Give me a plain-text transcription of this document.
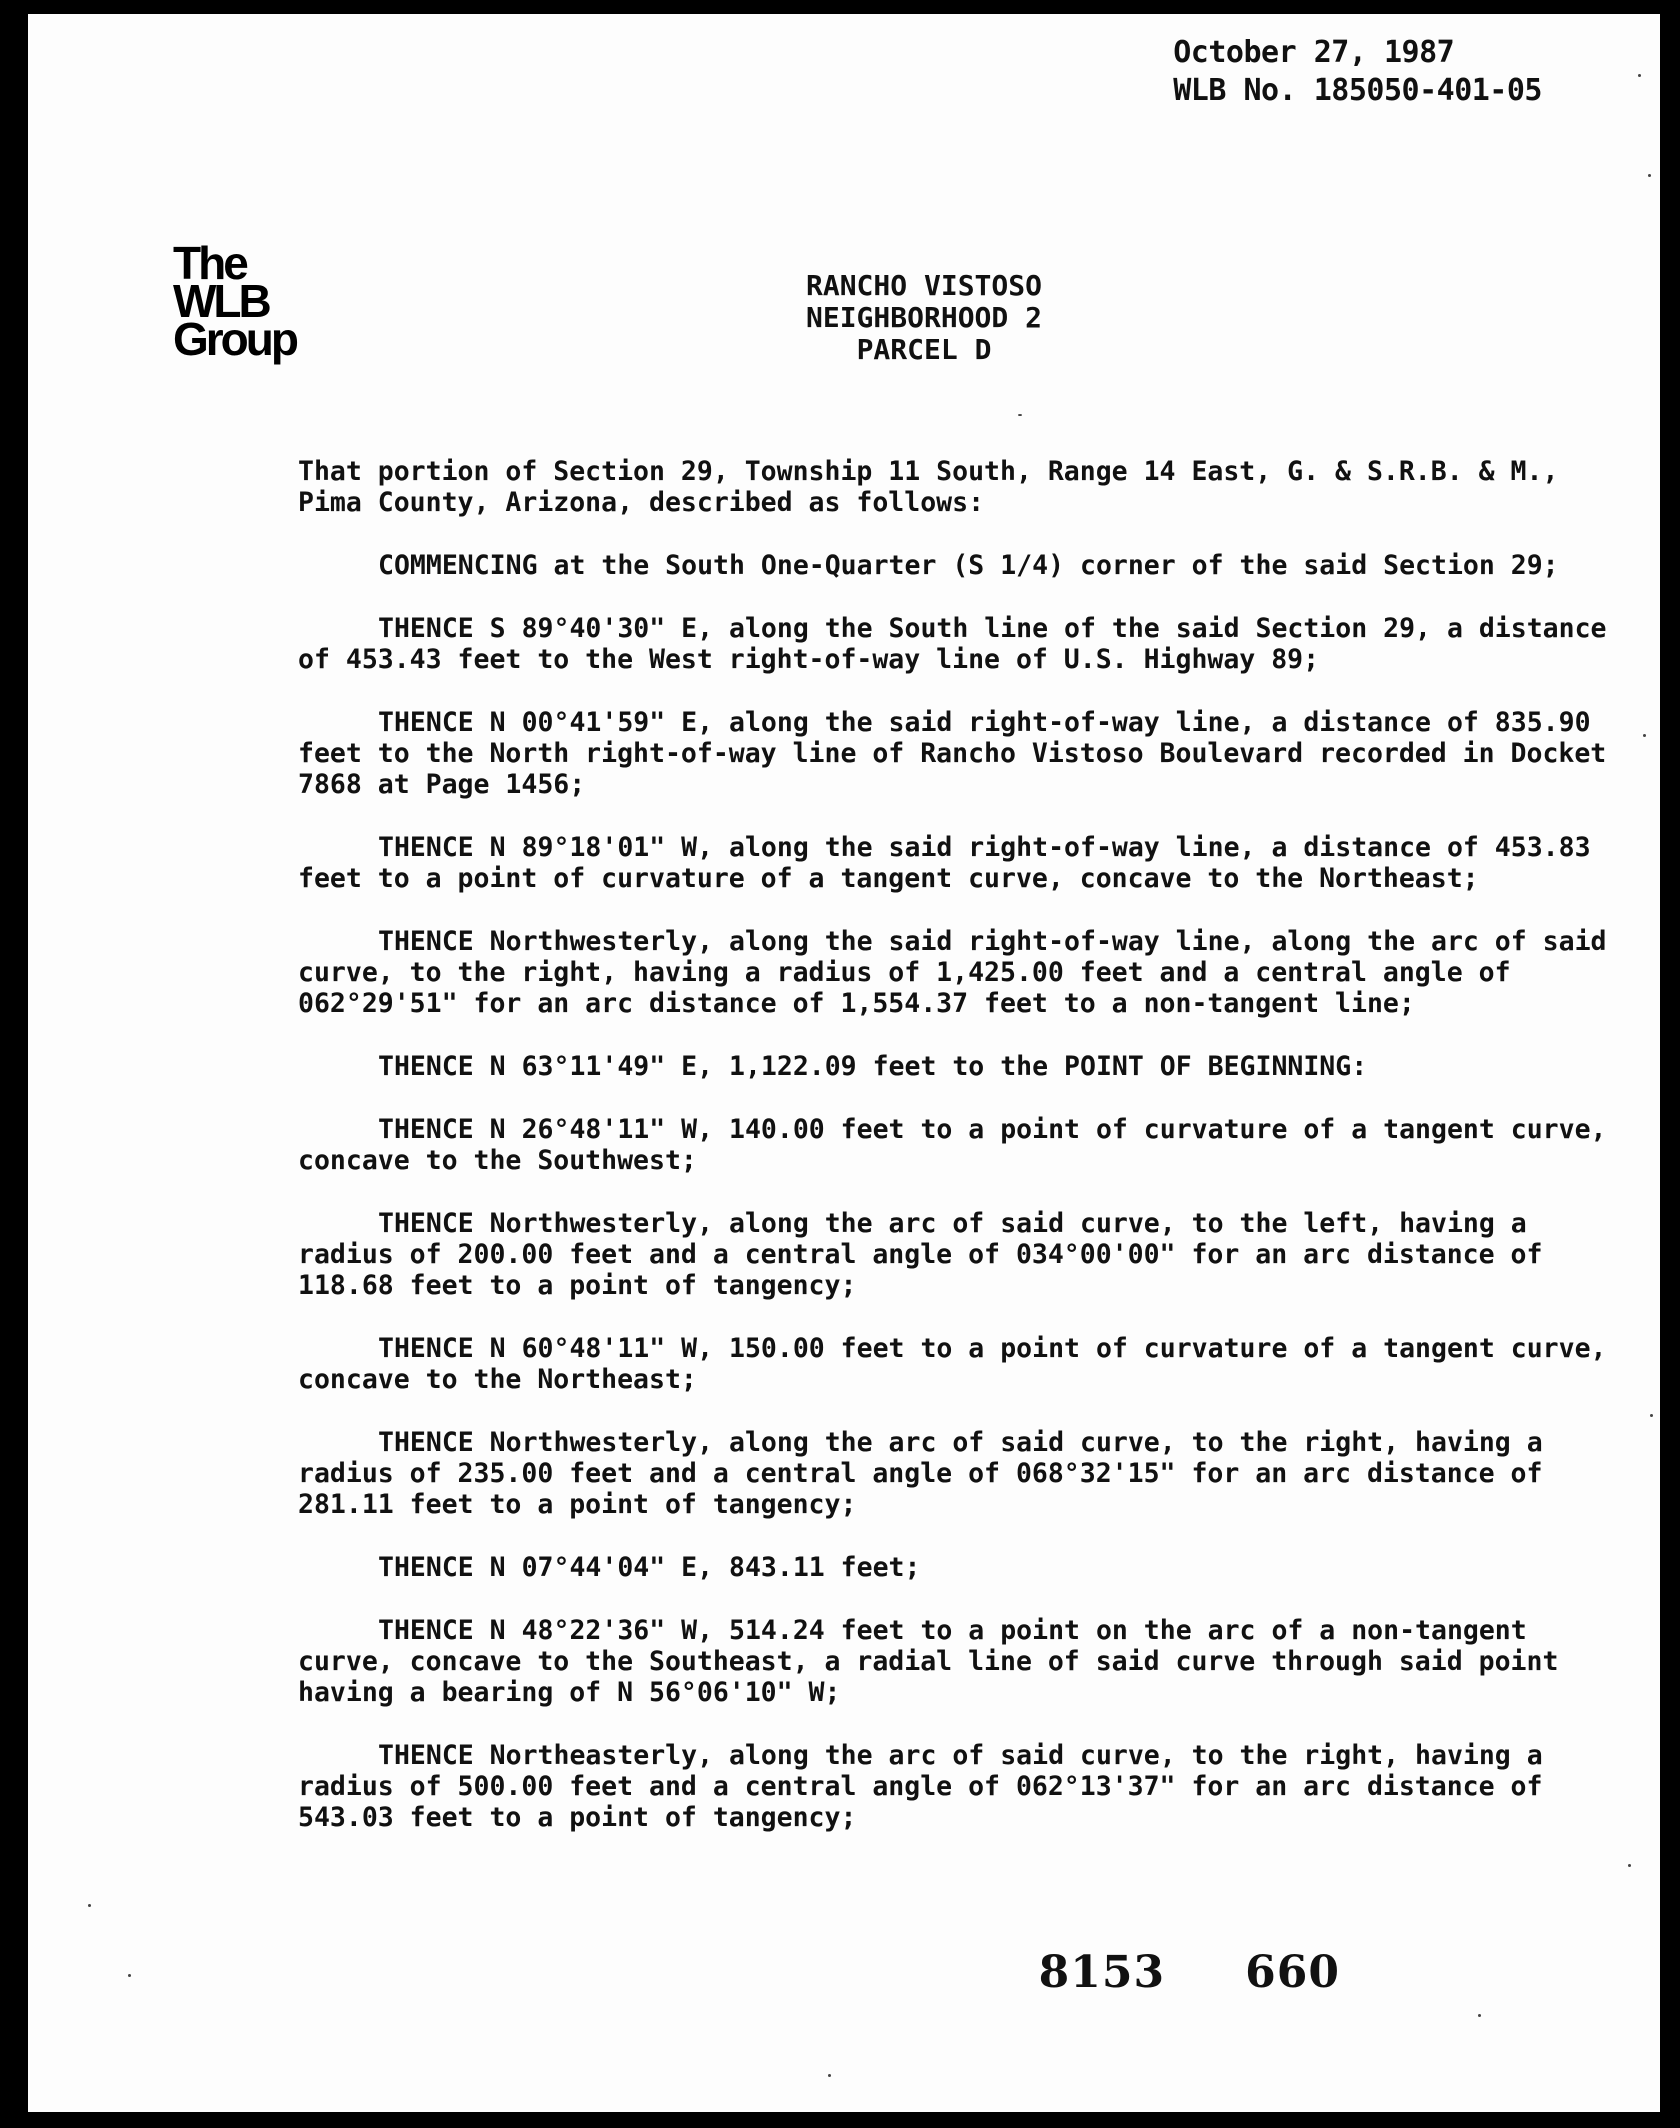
October 27, 1987
WLB No. 185050-401-05
The
WLB
Group
RANCHO VISTOSO
NEIGHBORHOOD 2
PARCEL D

That portion of Section 29, Township 11 South, Range 14 East, G. & S.R.B. & M., Pima County, Arizona, described as follows:

COMMENCING at the South One-Quarter (S 1/4) corner of the said Section 29;

THENCE S 89°40'30" E, along the South line of the said Section 29, a distance of 453.43 feet to the West right-of-way line of U.S. Highway 89;

THENCE N 00°41'59" E, along the said right-of-way line, a distance of 835.90 feet to the North right-of-way line of Rancho Vistoso Boulevard recorded in Docket 7868 at Page 1456;

THENCE N 89°18'01" W, along the said right-of-way line, a distance of 453.83 feet to a point of curvature of a tangent curve, concave to the Northeast;

THENCE Northwesterly, along the said right-of-way line, along the arc of said curve, to the right, having a radius of 1,425.00 feet and a central angle of 062°29'51" for an arc distance of 1,554.37 feet to a non-tangent line;

THENCE N 63°11'49" E, 1,122.09 feet to the POINT OF BEGINNING:

THENCE N 26°48'11" W, 140.00 feet to a point of curvature of a tangent curve, concave to the Southwest;

THENCE Northwesterly, along the arc of said curve, to the left, having a radius of 200.00 feet and a central angle of 034°00'00" for an arc distance of 118.68 feet to a point of tangency;

THENCE N 60°48'11" W, 150.00 feet to a point of curvature of a tangent curve, concave to the Northeast;

THENCE Northwesterly, along the arc of said curve, to the right, having a radius of 235.00 feet and a central angle of 068°32'15" for an arc distance of 281.11 feet to a point of tangency;

THENCE N 07°44'04" E, 843.11 feet;

THENCE N 48°22'36" W, 514.24 feet to a point on the arc of a non-tangent curve, concave to the Southeast, a radial line of said curve through said point having a bearing of N 56°06'10" W;

THENCE Northeasterly, along the arc of said curve, to the right, having a radius of 500.00 feet and a central angle of 062°13'37" for an arc distance of 543.03 feet to a point of tangency;

8153 660
